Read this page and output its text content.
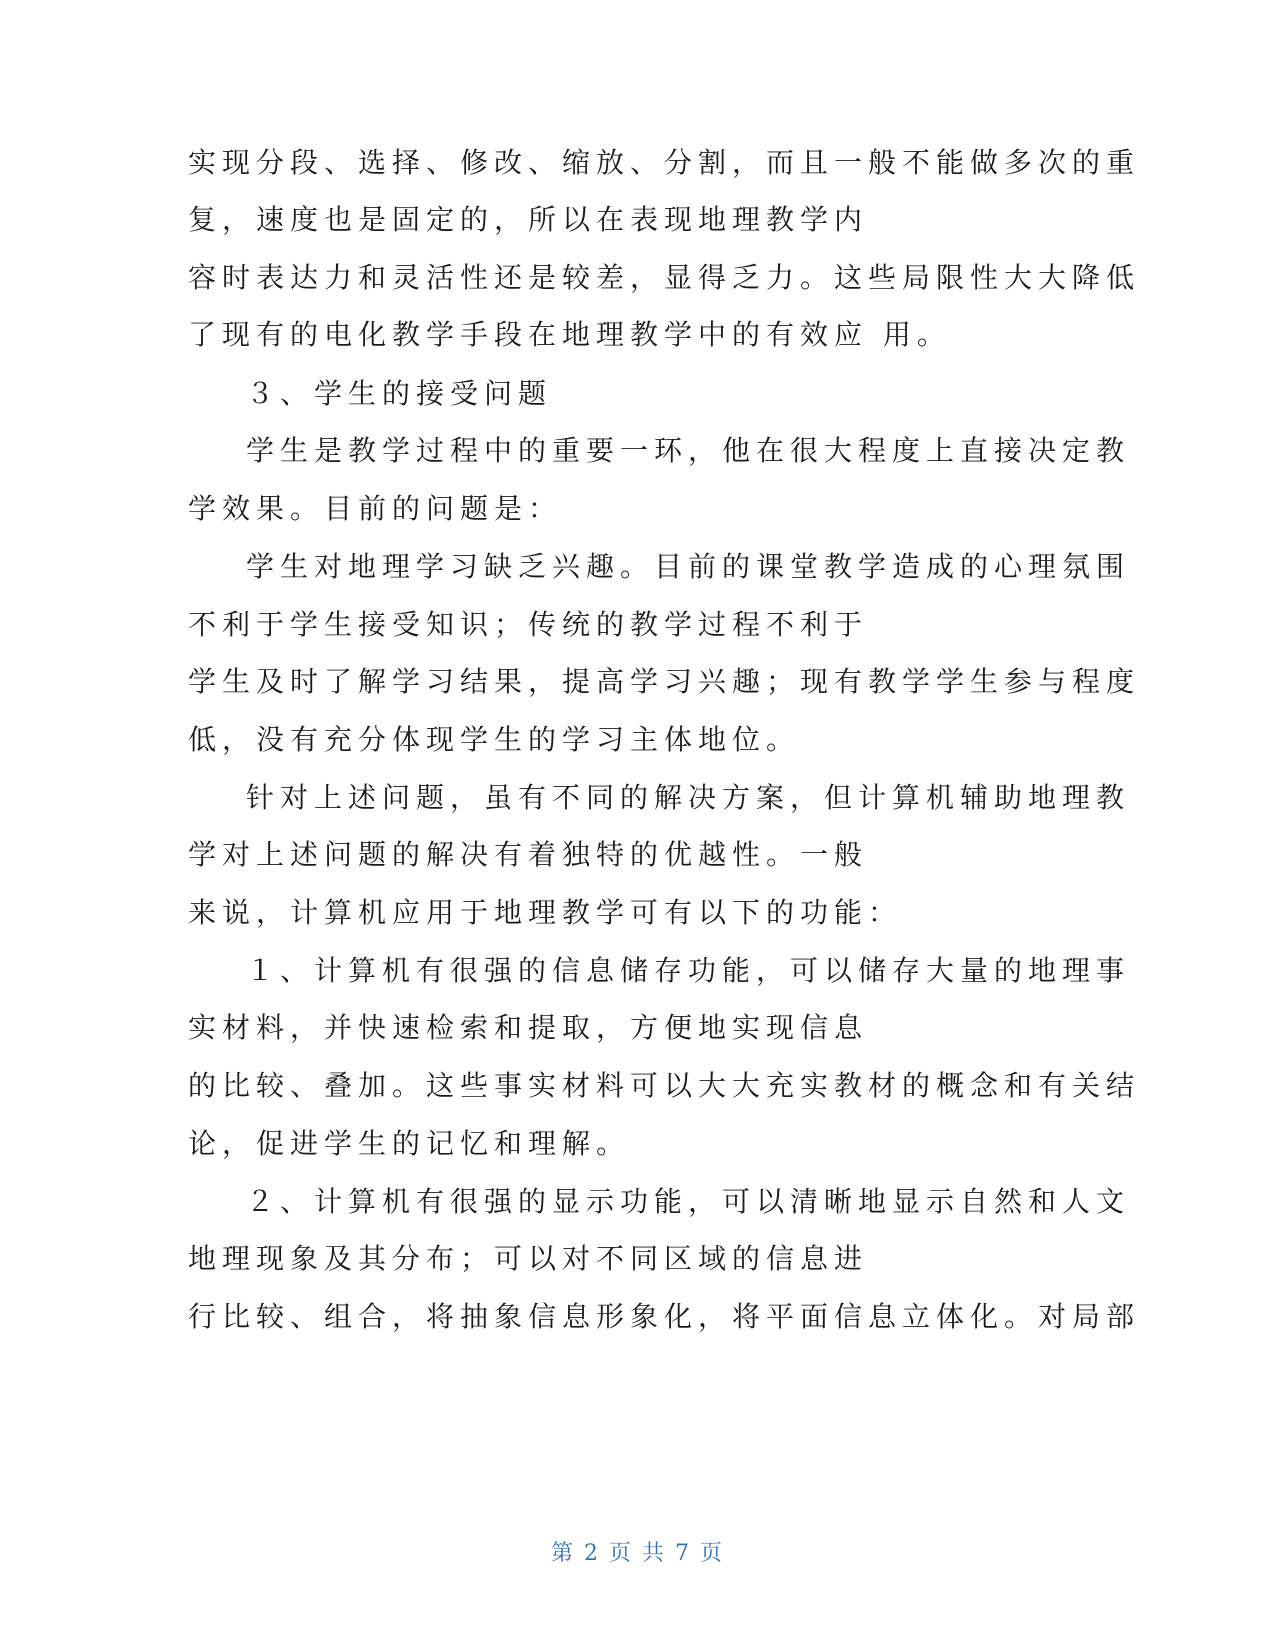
实现分段、选择、修改、缩放、分割，而且一般不能做多次的重
复，速度也是固定的，所以在表现地理教学内
容时表达力和灵活性还是较差，显得乏力。这些局限性大大降低
了现有的电化教学手段在地理教学中的有效应 用。
３、学生的接受问题
学生是教学过程中的重要一环，他在很大程度上直接决定教
学效果。目前的问题是：
学生对地理学习缺乏兴趣。目前的课堂教学造成的心理氛围
不利于学生接受知识；传统的教学过程不利于
学生及时了解学习结果，提高学习兴趣；现有教学学生参与程度
低，没有充分体现学生的学习主体地位。
针对上述问题，虽有不同的解决方案，但计算机辅助地理教
学对上述问题的解决有着独特的优越性。一般
来说，计算机应用于地理教学可有以下的功能：
１、计算机有很强的信息储存功能，可以储存大量的地理事
实材料，并快速检索和提取，方便地实现信息
的比较、叠加。这些事实材料可以大大充实教材的概念和有关结
论，促进学生的记忆和理解。
２、计算机有很强的显示功能，可以清晰地显示自然和人文
地理现象及其分布；可以对不同区域的信息进
行比较、组合，将抽象信息形象化，将平面信息立体化。对局部
第 2 页 共 7 页
